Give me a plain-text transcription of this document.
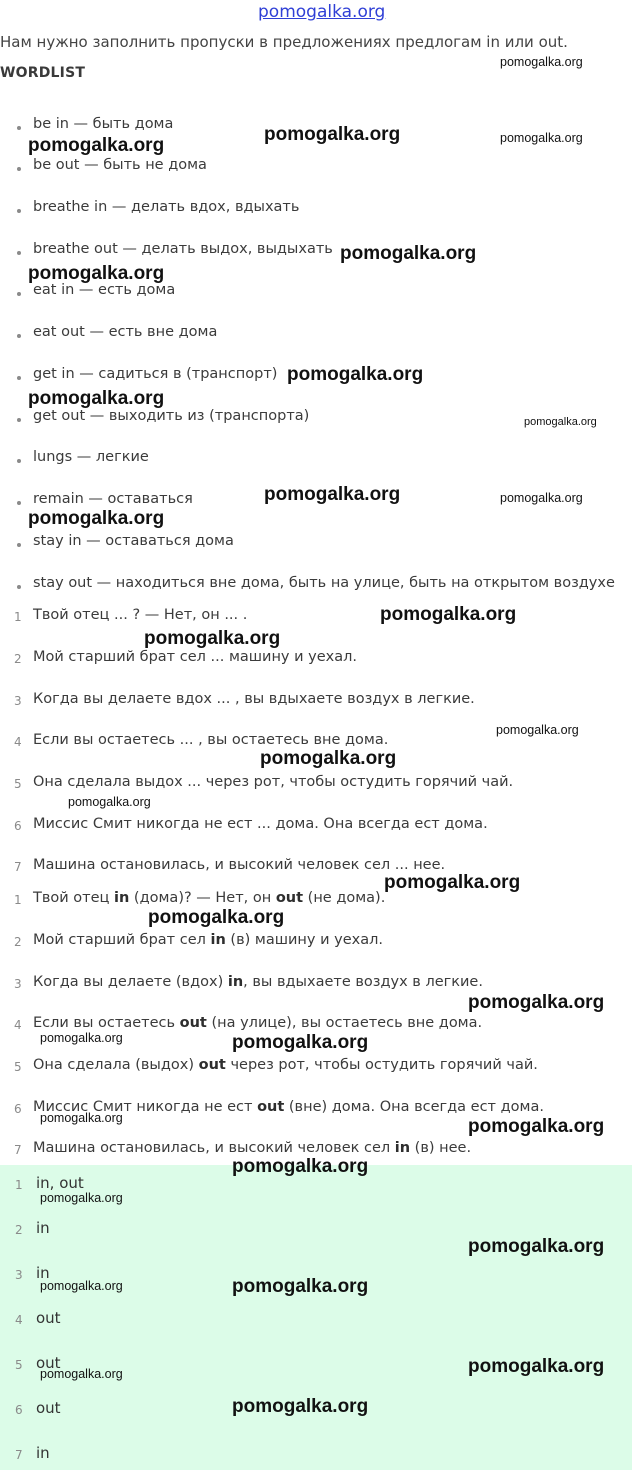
pomogalka.org
Нам нужно заполнить пропуски в предложениях предлогам in или out.
WORDLIST
be in — быть дома
be out — быть не дома
breathe in — делать вдох, вдыхать
breathe out — делать выдох, выдыхать
eat in — есть дома
eat out — есть вне дома
get in — садиться в (транспорт)
get out — выходить из (транспорта)
lungs — легкие
remain — оставаться
stay in — оставаться дома
stay out — находиться вне дома, быть на улице, быть на открытом воздухе
1 Твой отец ... ? — Нет, он ... .
2 Мой старший брат сел ... машину и уехал.
3 Когда вы делаете вдох ... , вы вдыхаете воздух в легкие.
4 Если вы остаетесь ... , вы остаетесь вне дома.
5 Она сделала выдох ... через рот, чтобы остудить горячий чай.
6 Миссис Смит никогда не ест ... дома. Она всегда ест дома.
7 Машина остановилась, и высокий человек сел ... нее.
1 Твой отец in (дома)? — Нет, он out (не дома).
2 Мой старший брат сел in (в) машину и уехал.
3 Когда вы делаете (вдох) in, вы вдыхаете воздух в легкие.
4 Если вы остаетесь out (на улице), вы остаетесь вне дома.
5 Она сделала (выдох) out через рот, чтобы остудить горячий чай.
6 Миссис Смит никогда не ест out (вне) дома. Она всегда ест дома.
7 Машина остановилась, и высокий человек сел in (в) нее.
1 in, out
2 in
3 in
4 out
5 out
6 out
7 in
pomogalka.org
pomogalka.org	pomogalka.org
pomogalka.org
pomogalka.org
pomogalka.org
pomogalka.org
pomogalka.org
pomogalka.org
pomogalka.org	pomogalka.org
pomogalka.org
pomogalka.org
pomogalka.org
pomogalka.org
pomogalka.org
pomogalka.org
pomogalka.org
pomogalka.org
pomogalka.org
pomogalka.org	pomogalka.org
pomogalka.org	pomogalka.org
pomogalka.org
pomogalka.org
pomogalka.org
pomogalka.org	pomogalka.org
pomogalka.org
pomogalka.org
pomogalka.org
